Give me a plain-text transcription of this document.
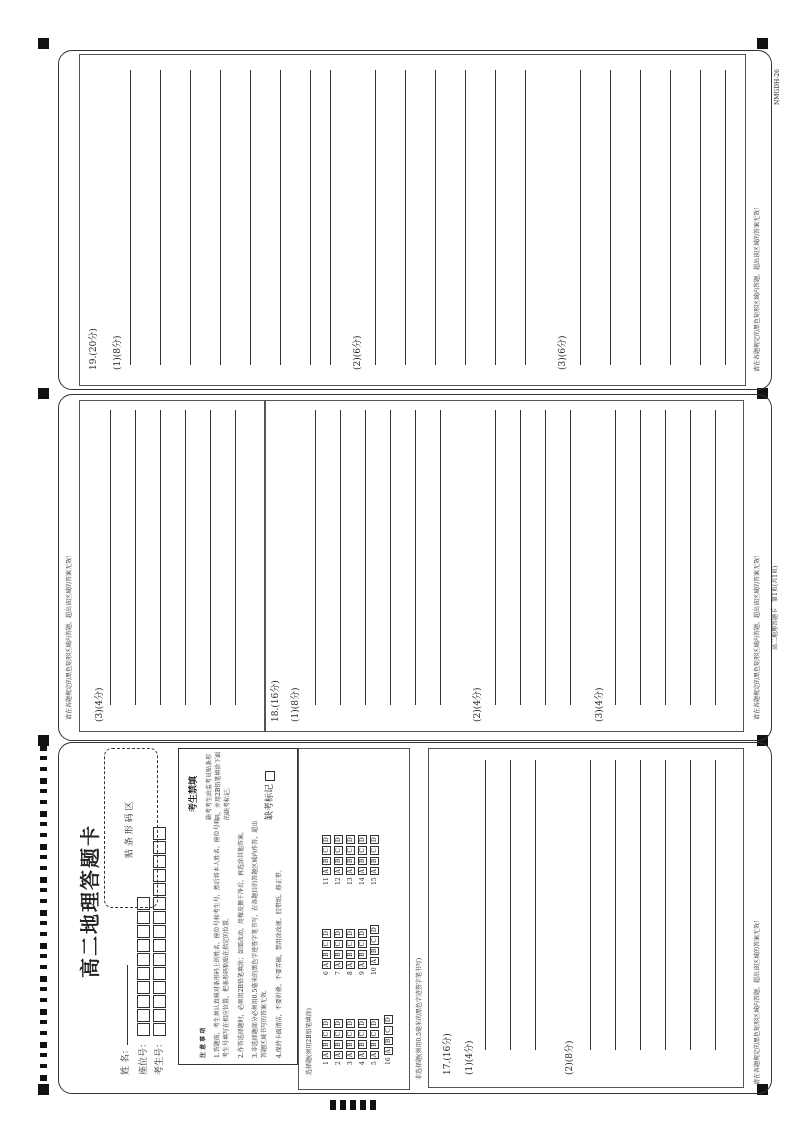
NMGDH-26
请在各题规定的黑色矩形区域内答题，超出该区域的答案无效！
19.(20分)	(1)(8分)	(2)(6分)	(3)(6分)
请在各题规定的黑色矩形区域内答题，超出该区域的答案无效！	请在各题规定的黑色矩形区域内答题，超出该区域的答案无效！
(3)(4分)	18.(16分)	(1)(8分)	(2)(4分)	(3)(4分)
请在各题规定的黑色矩形区域内答题，超出该区域的答案无效！
高二地理答题卡
姓 名： 座位号： 考生号：
贴 条 形 码 区
注 意 事 项	1.答题前，考生须认真核对条形码上的姓名、座位号和考生号，然后将本人姓名、座位号和考生号填写在相应位置，把条形码粘贴在指定的位置。	2.作答选择题时，必须用2B铅笔填涂；如需改动，用橡皮擦干净后，再选涂其他答案。	3.非选择题部分必须用0.5毫米的黑色字迹签字笔书写，在各题目的答题区域内作答，超出答题区域书写的答案无效。	4.保持卡面清洁，不要折叠、不要弄破，禁用涂改液、胶带纸、修正带。
考生禁填	缺考考生由监考员贴条形码，并用2B铅笔填涂下面的缺考标记。	缺考标记
选择题(须用2B铅笔填涂) 1 ABCD
2 ABCD
3 ABCD
4 ABCD
5 ABCD
6 ABCD
7 ABCD
8 ABCD
9 ABCD
10 ABCD
11 ABCD
12 ABCD
13 ABCD
14 ABCD
15 ABCD
16 ABCD	非选择题(须用0.5毫米的黑色字迹签字笔书写)	17.(16分)	(1)(4分)	(2)(8分)
高二地理答题卡　第1页(共1页)
